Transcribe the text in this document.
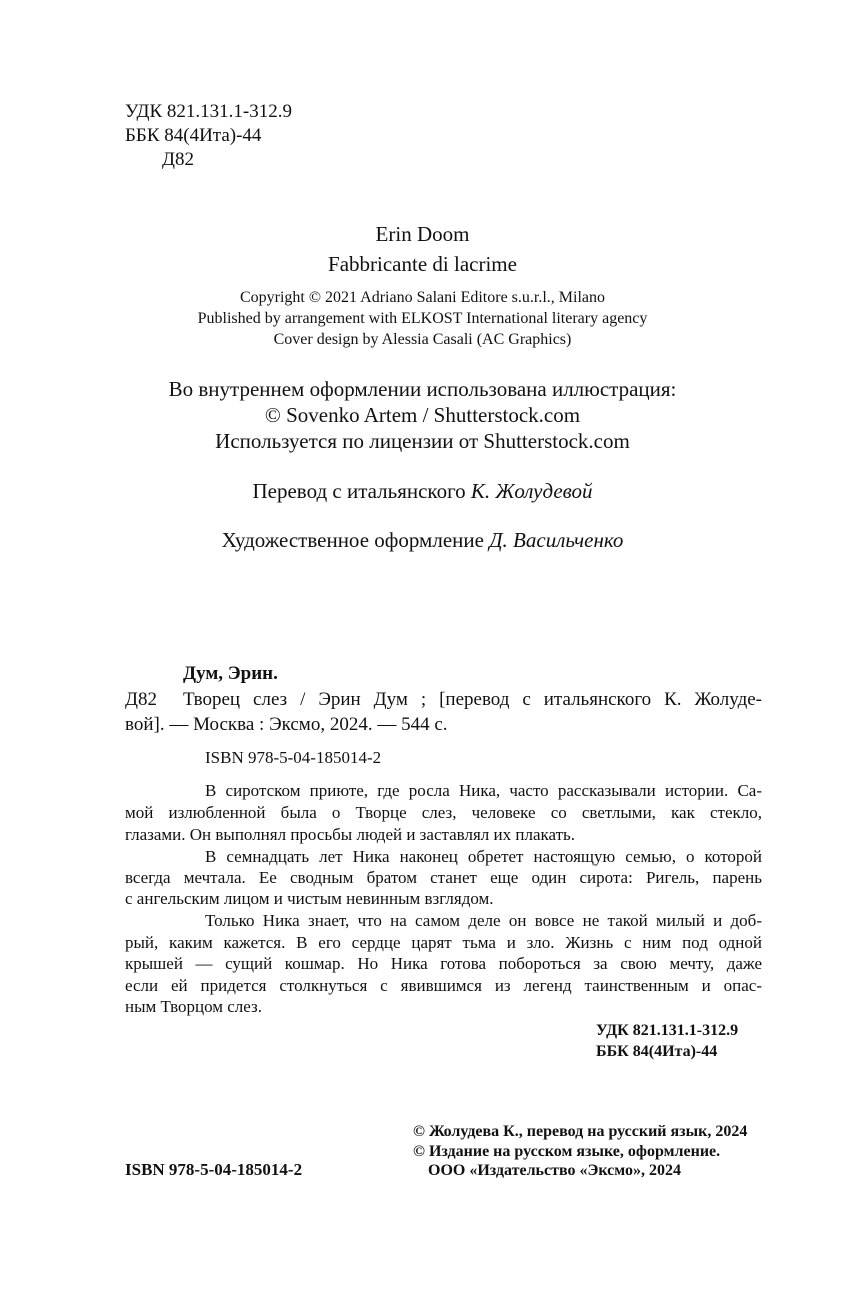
УДК 821.131.1-312.9
ББК 84(4Ита)-44
Д82
Erin Doom
Fabbricante di lacrime
Copyright © 2021 Adriano Salani Editore s.u.r.l., Milano
Published by arrangement with ELKOST International literary agency
Cover design by Alessia Casali (AC Graphics)
Во внутреннем оформлении использована иллюстрация:
© Sovenko Artem / Shutterstock.com
Используется по лицензии от Shutterstock.com
Перевод с итальянского К. Жолудевой
Художественное оформление Д. Васильченко
Дум, Эрин.
Д82 Творец слез / Эрин Дум ; [перевод с итальянского К. Жолуде-
вой]. — Москва : Эксмо, 2024. — 544 с.
ISBN 978-5-04-185014-2
В сиротском приюте, где росла Ника, часто рассказывали истории. Са-
мой излюбленной была о Творце слез, человеке со светлыми, как стекло,
глазами. Он выполнял просьбы людей и заставлял их плакать.
В семнадцать лет Ника наконец обретет настоящую семью, о которой
всегда мечтала. Ее сводным братом станет еще один сирота: Ригель, парень
с ангельским лицом и чистым невинным взглядом.
Только Ника знает, что на самом деле он вовсе не такой милый и доб-
рый, каким кажется. В его сердце царят тьма и зло. Жизнь с ним под одной
крышей — сущий кошмар. Но Ника готова побороться за свою мечту, даже
если ей придется столкнуться с явившимся из легенд таинственным и опас-
ным Творцом слез.
УДК 821.131.1-312.9
ББК 84(4Ита)-44
© Жолудева К., перевод на русский язык, 2024
© Издание на русском языке, оформление.
ООО «Издательство «Эксмо», 2024
ISBN 978-5-04-185014-2
